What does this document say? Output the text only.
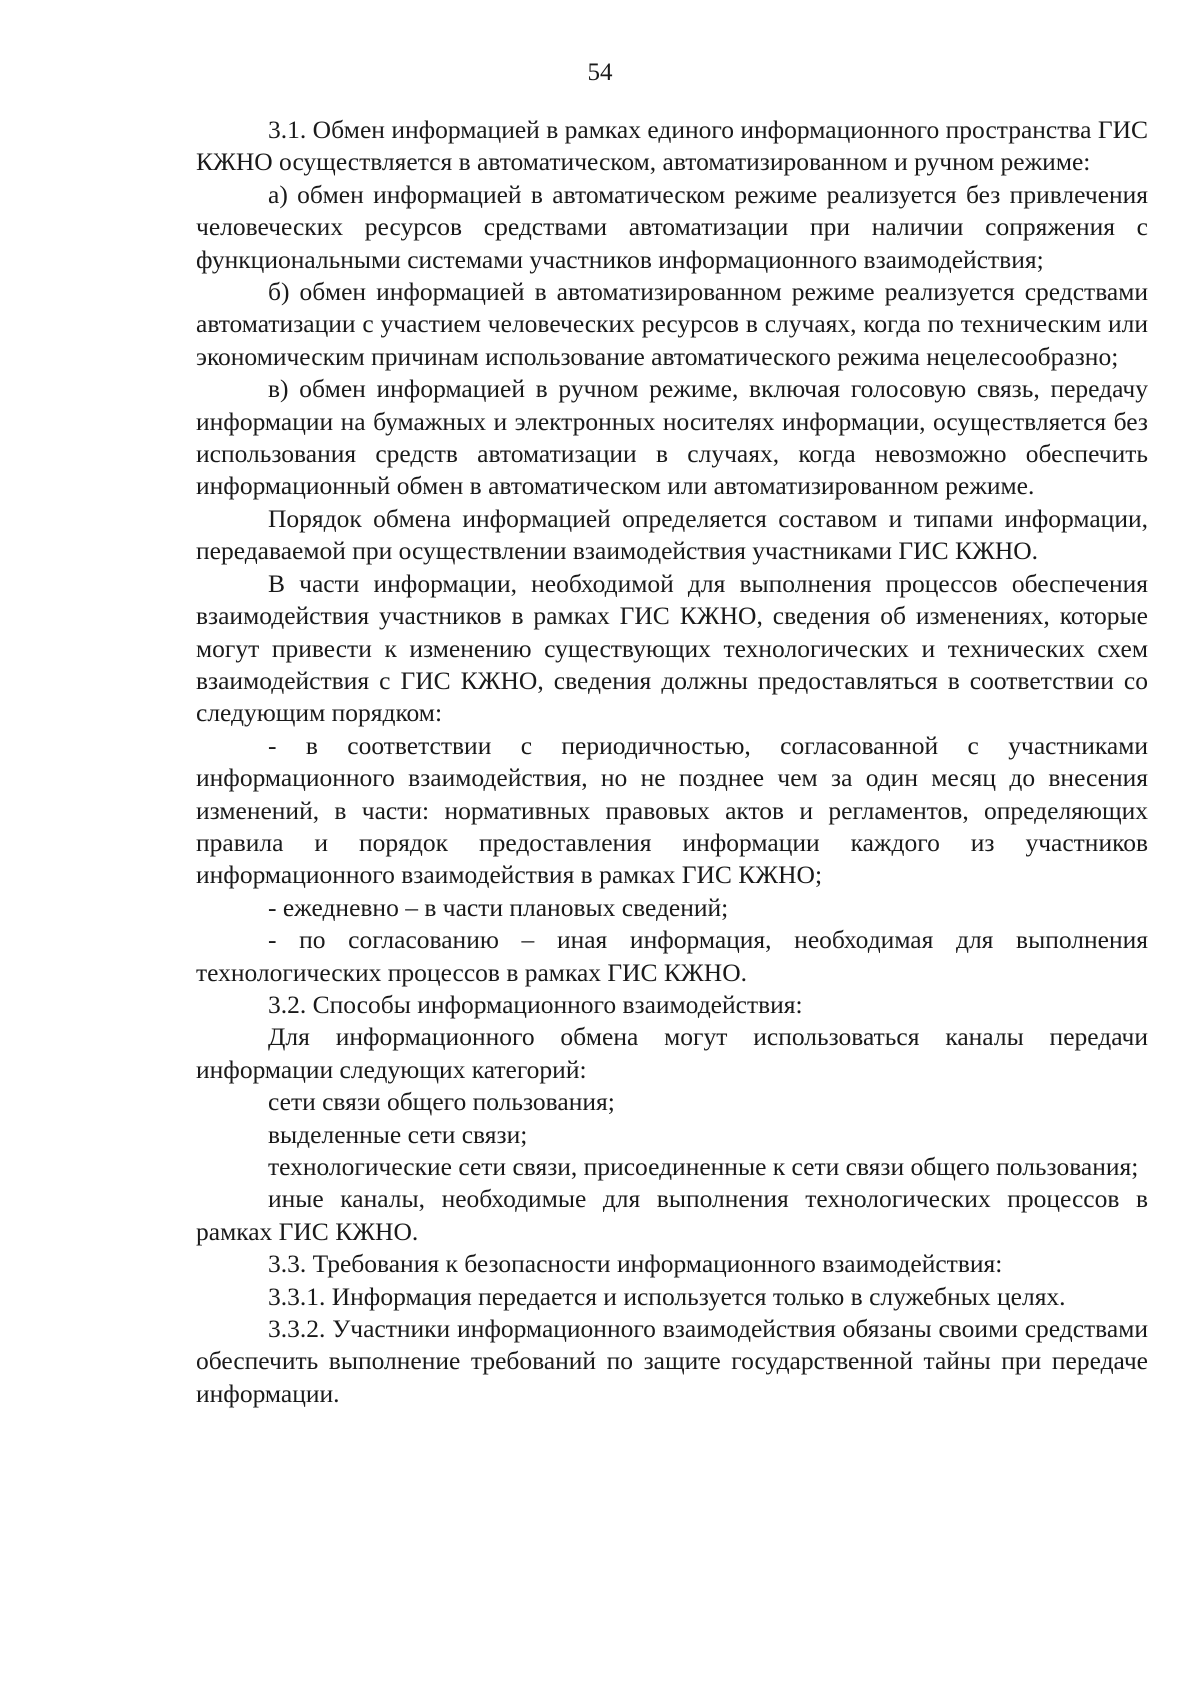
54

3.1. Обмен информацией в рамках единого информационного пространства ГИС КЖНО осуществляется в автоматическом, автоматизированном и ручном режиме:

а) обмен информацией в автоматическом режиме реализуется без привлечения человеческих ресурсов средствами автоматизации при наличии сопряжения с функциональными системами участников информационного взаимодействия;

б) обмен информацией в автоматизированном режиме реализуется средствами автоматизации с участием человеческих ресурсов в случаях, когда по техническим или экономическим причинам использование автоматического режима нецелесообразно;

в) обмен информацией в ручном режиме, включая голосовую связь, передачу информации на бумажных и электронных носителях информации, осуществляется без использования средств автоматизации в случаях, когда невозможно обеспечить информационный обмен в автоматическом или автоматизированном режиме.

Порядок обмена информацией определяется составом и типами информации, передаваемой при осуществлении взаимодействия участниками ГИС КЖНО.

В части информации, необходимой для выполнения процессов обеспечения взаимодействия участников в рамках ГИС КЖНО, сведения об изменениях, которые могут привести к изменению существующих технологических и технических схем взаимодействия с ГИС КЖНО, сведения должны предоставляться в соответствии со следующим порядком:

- в соответствии с периодичностью, согласованной с участниками информационного взаимодействия, но не позднее чем за один месяц до внесения изменений, в части: нормативных правовых актов и регламентов, определяющих правила и порядок предоставления информации каждого из участников информационного взаимодействия в рамках ГИС КЖНО;

- ежедневно – в части плановых сведений;

- по согласованию – иная информация, необходимая для выполнения технологических процессов в рамках ГИС КЖНО.

3.2. Способы информационного взаимодействия:

Для информационного обмена могут использоваться каналы передачи информации следующих категорий:

сети связи общего пользования;

выделенные сети связи;

технологические сети связи, присоединенные к сети связи общего пользования;

иные каналы, необходимые для выполнения технологических процессов в рамках ГИС КЖНО.

3.3. Требования к безопасности информационного взаимодействия:

3.3.1. Информация передается и используется только в служебных целях.

3.3.2. Участники информационного взаимодействия обязаны своими средствами обеспечить выполнение требований по защите государственной тайны при передаче информации.
